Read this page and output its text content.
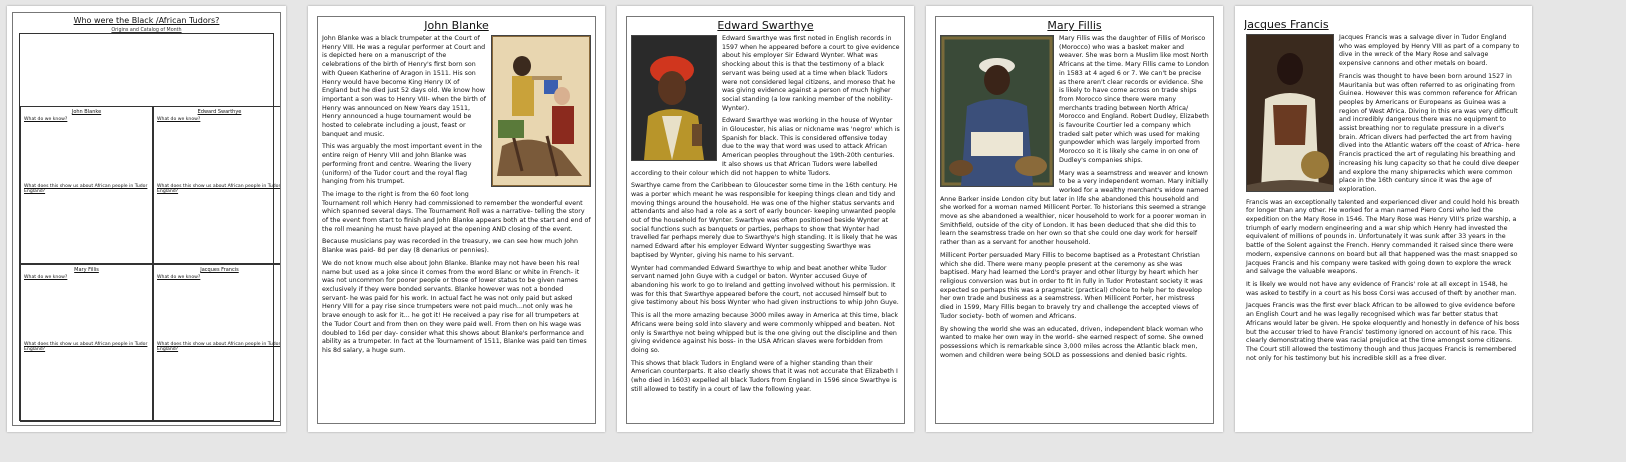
Who were the Black /African Tudors?
Origins and Catalog of Month
John Blanke
What do we know?
What does this show us about African people in Tudor England?
Edward Swarthye
What do we know?
What does this show us about African people in Tudor England?
Mary Fillis
What do we know?
What does this show us about African people in Tudor England?
Jacques Francis
What do we know?
What does this show us about African people in Tudor England?
John Blanke

John Blanke was a black trumpeter at the Court of Henry VIII. He was a regular performer at Court and is depicted here on a manuscript of the celebrations of the birth of Henry's first born son with Queen Katherine of Aragon in 1511. His son Henry would have become King Henry IX of England but he died just 52 days old. We know how important a son was to Henry VIII- when the birth of Henry was announced on New Years day 1511, Henry announced a huge tournament would be hosted to celebrate including a joust, feast or banquet and music.

This was arguably the most important event in the entire reign of Henry VIII and John Blanke was performing front and centre. Wearing the livery (uniform) of the Tudor court and the royal flag hanging from his trumpet.

The image to the right is from the 60 foot long Tournament roll which Henry had commissioned to remember the wonderful event which spanned several days. The Tournament Roll was a narrative- telling the story of the event from start to finish and John Blanke appears both at the start and end of the roll meaning he must have played at the opening AND closing of the event.

Because musicians pay was recorded in the treasury, we can see how much John Blanke was paid- 8d per day (8 denarius or pennies).

We do not know much else about John Blanke. Blanke may not have been his real name but used as a joke since it comes from the word Blanc or white in French- it was not uncommon for poorer people or those of lower status to be given names exclusively if they were bonded servants. Blanke however was not a bonded servant- he was paid for his work. In actual fact he was not only paid but asked Henry VIII for a pay rise since trumpeters were not paid much...not only was he brave enough to ask for it... he got it! He received a pay rise for all trumpeters at the Tudor Court and from then on they were paid well. From then on his wage was doubled to 16d per day- consider what this shows about Blanke's performance and ability as a trumpeter. In fact at the Tournament of 1511, Blanke was paid ten times his 8d salary, a huge sum.

Edward Swarthye

Edward Swarthye was first noted in English records in 1597 when he appeared before a court to give evidence about his employer Sir Edward Wynter. What was shocking about this is that the testimony of a black servant was being used at a time when black Tudors were not considered legal citizens, and moreso that he was giving evidence against a person of much higher social standing (a low ranking member of the nobility- Wynter).

Edward Swarthye was working in the house of Wynter in Gloucester, his alias or nickname was 'negro' which is Spanish for black. This is considered offensive today due to the way that word was used to attack African American peoples throughout the 19th-20th centuries. It also shows us that African Tudors were labelled according to their colour which did not happen to white Tudors.

Swarthye came from the Caribbean to Gloucester some time in the 16th century. He was a porter which meant he was responsible for keeping things clean and tidy and moving things around the household. He was one of the higher status servants and attendants and also had a role as a sort of early bouncer- keeping unwanted people out of the household for Wynter. Swarthye was often positioned beside Wynter at social functions such as banquets or parties, perhaps to show that Wynter had travelled far perhaps merely due to Swarthye's high standing. It is likely that he was named Edward after his employer Edward Wynter suggesting Swarthye was baptised by Wynter, giving his name to his servant.

Wynter had commanded Edward Swarthye to whip and beat another white Tudor servant named John Guye with a cudgel or baton. Wynter accused Guye of abandoning his work to go to Ireland and getting involved without his permission. It was for this that Swarthye appeared before the court, not accused himself but to give testimony about his boss Wynter who had given instructions to whip John Guye.

This is all the more amazing because 3000 miles away in America at this time, black Africans were being sold into slavery and were commonly whipped and beaten. Not only is Swarthye not being whipped but is the one giving out the discipline and then giving evidence against his boss- in the USA African slaves were forbidden from doing so.

This shows that black Tudors in England were of a higher standing than their American counterparts. It also clearly shows that it was not accurate that Elizabeth I (who died in 1603) expelled all black Tudors from England in 1596 since Swarthye is still allowed to testify in a court of law the following year.

Mary Fillis

Mary Fillis was the daughter of Fillis of Morisco (Morocco) who was a basket maker and weaver. She was born a Muslim like most North Africans at the time. Mary Fillis came to London in 1583 at 4 aged 6 or 7. We can't be precise as there aren't clear records or evidence. She is likely to have come across on trade ships from Morocco since there were many merchants trading between North Africa/ Morocco and England. Robert Dudley, Elizabeth is favourite Courtier led a company which traded salt peter which was used for making gunpowder which was largely imported from Morocco so it is likely she came in on one of Dudley's companies ships.

Mary was a seamstress and weaver and known to be a very independent woman. Mary initially worked for a wealthy merchant's widow named Anne Barker inside London city but later in life she abandoned this household and she worked for a woman named Millicent Porter. To historians this seemed a strange move as she abandoned a wealthier, nicer household to work for a poorer woman in Smithfield, outside of the city of London. It has been deduced that she did this to learn the seamstress trade on her own so that she could one day work for herself rather than as a servant for another household.

Millicent Porter persuaded Mary Fillis to become baptised as a Protestant Christian which she did. There were many people present at the ceremony as she was baptised. Mary had learned the Lord's prayer and other liturgy by heart which her religious conversion was but in order to fit in fully in Tudor Protestant society it was expected so perhaps this was a pragmatic (practical) choice to help her to develop her own trade and business as a seamstress. When Millicent Porter, her mistress died in 1599, Mary Fillis began to bravely try and challenge the accepted views of Tudor society- both of women and Africans.

By showing the world she was an educated, driven, independent black woman who wanted to make her own way in the world- she earned respect of some. She owned possessions which is remarkable since 3,000 miles across the Atlantic black men, women and children were being SOLD as possessions and denied basic rights.

Jacques Francis

Jacques Francis was a salvage diver in Tudor England who was employed by Henry VIII as part of a company to dive in the wreck of the Mary Rose and salvage expensive cannons and other metals on board.

Francis was thought to have been born around 1527 in Mauritania but was often referred to as originating from Guinea. However this was common reference for African peoples by Americans or Europeans as Guinea was a region of West Africa. Diving in this era was very difficult and incredibly dangerous there was no equipment to assist breathing nor to regulate pressure in a diver's brain. African divers had perfected the art from having dived into the Atlantic waters off the coast of Africa- here Francis practiced the art of regulating his breathing and increasing his lung capacity so that he could dive deeper and explore the many shipwrecks which were common place in the 16th century since it was the age of exploration.

Francis was an exceptionally talented and experienced diver and could hold his breath for longer than any other. He worked for a man named Piero Corsi who led the expedition on the Mary Rose in 1546. The Mary Rose was Henry VIII's prize warship, a triumph of early modern engineering and a war ship which Henry had invested the equivalent of millions of pounds in. Unfortunately it was sunk after 33 years in the battle of the Solent against the French. Henry commanded it raised since there were modern, expensive cannons on board but all that happened was the mast snapped so Jacques Francis and his company were tasked with going down to explore the wreck and salvage the valuable weapons.

It is likely we would not have any evidence of Francis' role at all except in 1548, he was asked to testify in a court as his boss Corsi was accused of theft by another man.

Jacques Francis was the first ever black African to be allowed to give evidence before an English Court and he was legally recognised which was far better status that Africans would later be given. He spoke eloquently and honestly in defence of his boss but the accuser tried to have Francis' testimony ignored on account of his race. This clearly demonstrating there was racial prejudice at the time amongst some citizens. The Court still allowed the testimony though and thus Jacques Francis is remembered not only for his testimony but his incredible skill as a free diver.
